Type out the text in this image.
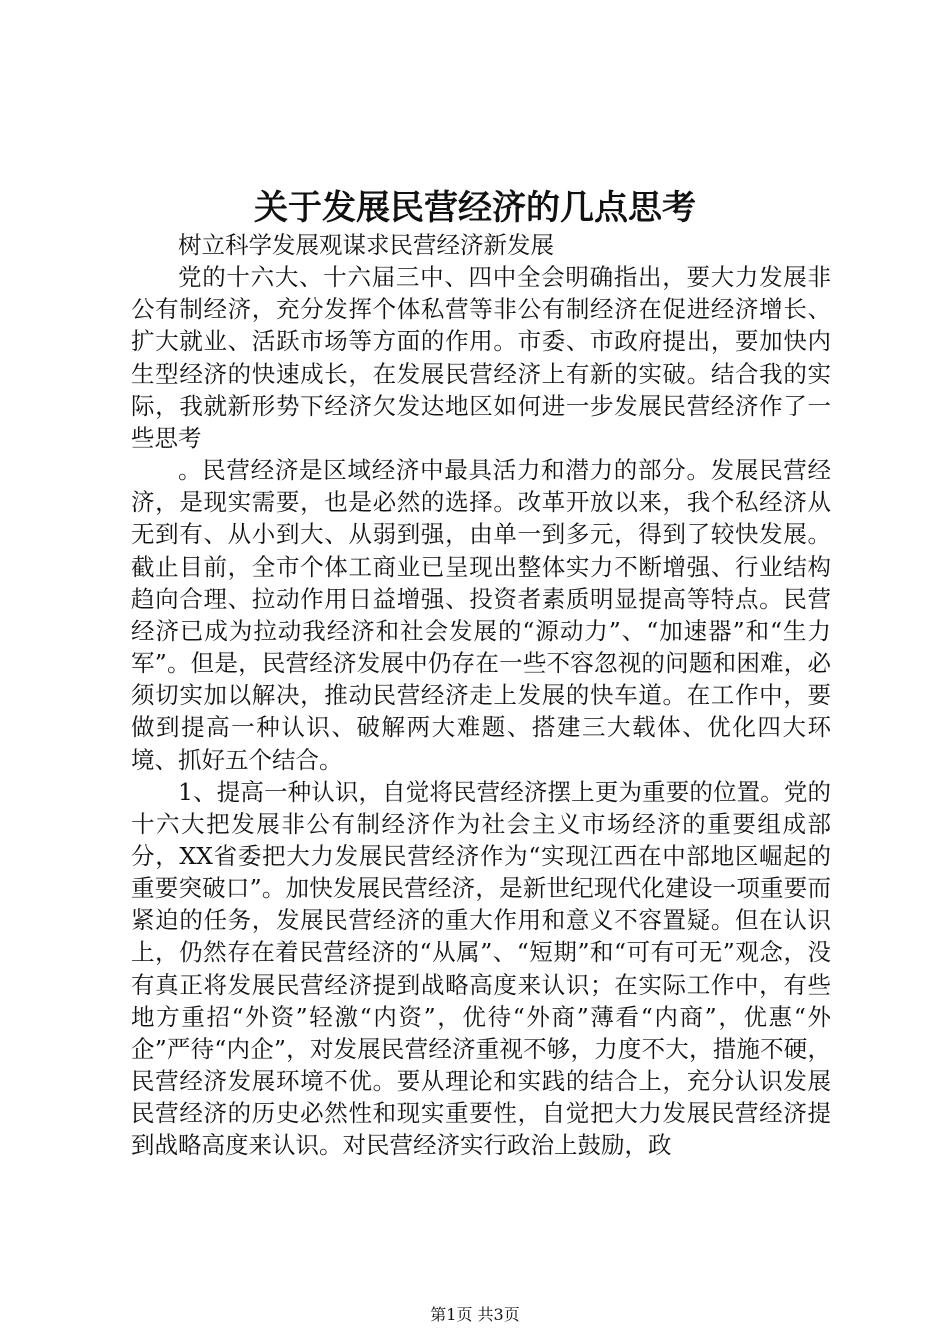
关于发展民营经济的几点思考

树立科学发展观谋求民营经济新发展

党的十六大、十六届三中、四中全会明确指出，要大力发展非公有制经济，充分发挥个体私营等非公有制经济在促进经济增长、扩大就业、活跃市场等方面的作用。市委、市政府提出，要加快内生型经济的快速成长，在发展民营经济上有新的实破。结合我的实际，我就新形势下经济欠发达地区如何进一步发展民营经济作了一些思考

。民营经济是区域经济中最具活力和潜力的部分。发展民营经济，是现实需要，也是必然的选择。改革开放以来，我个私经济从无到有、从小到大、从弱到强，由单一到多元，得到了较快发展。截止目前，全市个体工商业已呈现出整体实力不断增强、行业结构趋向合理、拉动作用日益增强、投资者素质明显提高等特点。民营经济已成为拉动我经济和社会发展的“源动力”、“加速器”和“生力军”。但是，民营经济发展中仍存在一些不容忽视的问题和困难，必须切实加以解决，推动民营经济走上发展的快车道。在工作中，要做到提高一种认识、破解两大难题、搭建三大载体、优化四大环境、抓好五个结合。

1、提高一种认识，自觉将民营经济摆上更为重要的位置。党的十六大把发展非公有制经济作为社会主义市场经济的重要组成部分，XX省委把大力发展民营经济作为“实现江西在中部地区崛起的重要突破口”。加快发展民营经济，是新世纪现代化建设一项重要而紧迫的任务，发展民营经济的重大作用和意义不容置疑。但在认识上，仍然存在着民营经济的“从属”、“短期”和“可有可无”观念，没有真正将发展民营经济提到战略高度来认识；在实际工作中，有些地方重招“外资”轻激“内资”，优待“外商”薄看“内商”，优惠“外企”严待“内企”，对发展民营经济重视不够，力度不大，措施不硬，民营经济发展环境不优。要从理论和实践的结合上，充分认识发展民营经济的历史必然性和现实重要性，自觉把大力发展民营经济提到战略高度来认识。对民营经济实行政治上鼓励，政

第1页 共3页
